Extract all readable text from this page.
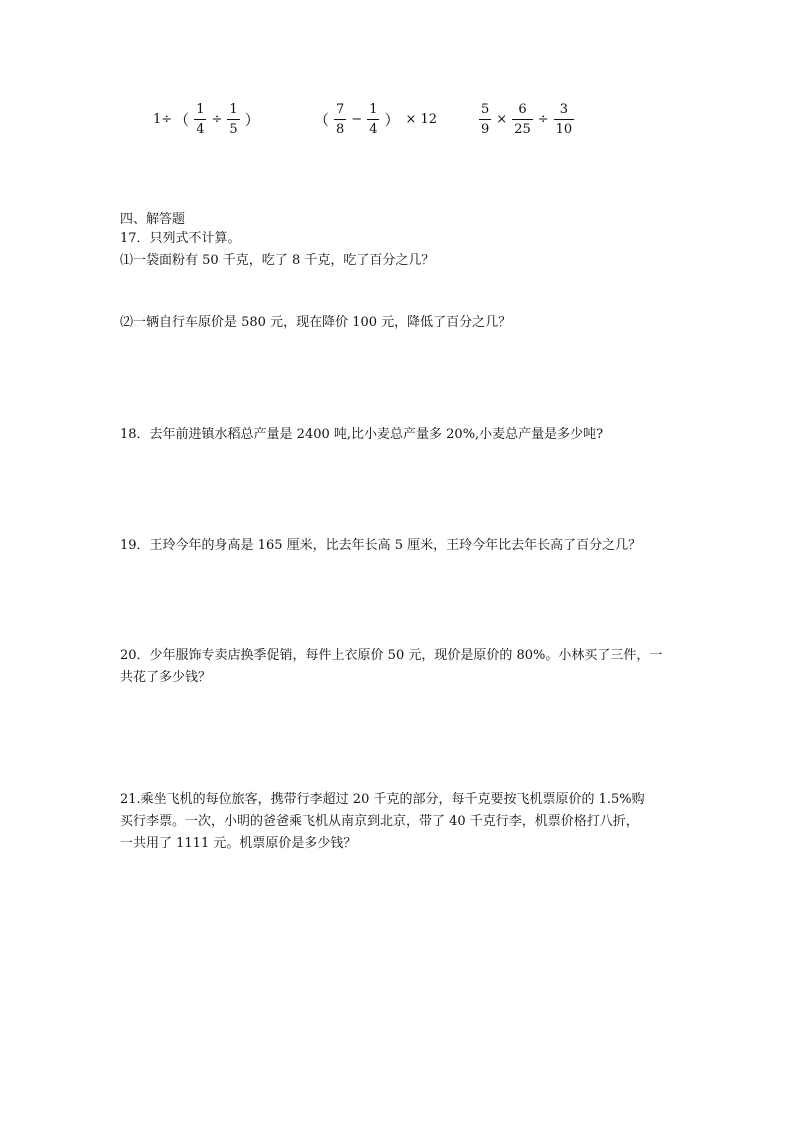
1÷ （ $\frac{1}{4} \div \frac{1}{5}$ ）	（ $\frac{7}{8} - \frac{1}{4}$ ） × 12	$\frac{5}{9} \times \frac{6}{25} \div \frac{3}{10}$
四、解答题
17．只列式不计算。
⑴一袋面粉有 50 千克，吃了 8 千克，吃了百分之几？
⑵一辆自行车原价是 580 元，现在降价 100 元，降低了百分之几？
18．去年前进镇水稻总产量是 2400 吨,比小麦总产量多 20%,小麦总产量是多少吨?
19．王玲今年的身高是 165 厘米，比去年长高 5 厘米，王玲今年比去年长高了百分之几？
20．少年服饰专卖店换季促销，每件上衣原价 50 元，现价是原价的 80%。小林买了三件，一
共花了多少钱？
21.乘坐飞机的每位旅客，携带行李超过 20 千克的部分，每千克要按飞机票原价的 1.5%购
买行李票。一次，小明的爸爸乘飞机从南京到北京，带了 40 千克行李，机票价格打八折，
一共用了 1111 元。机票原价是多少钱？
